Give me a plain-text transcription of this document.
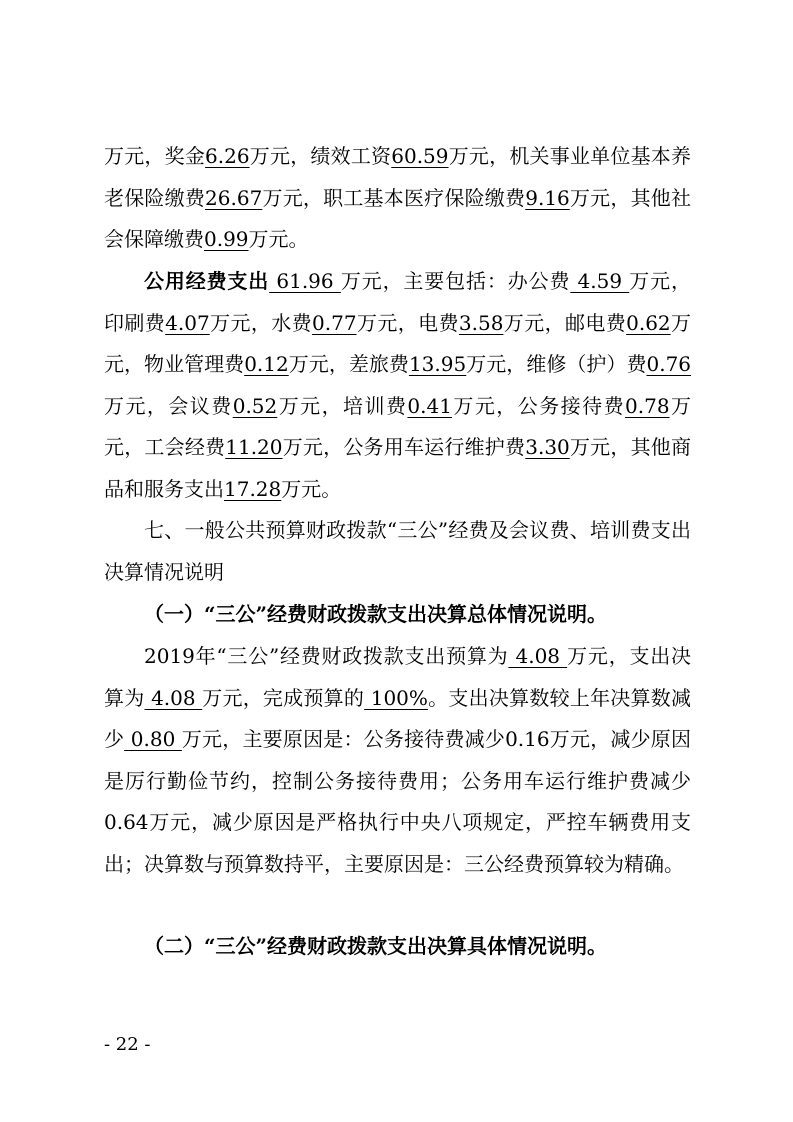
万元，奖金6.26万元，绩效工资60.59万元，机关事业单位基本养老保险缴费26.67万元，职工基本医疗保险缴费9.16万元，其他社会保障缴费0.99万元。

公用经费支出 61.96 万元，主要包括：办公费 4.59 万元，印刷费4.07万元，水费0.77万元，电费3.58万元，邮电费0.62万元，物业管理费0.12万元，差旅费13.95万元，维修（护）费0.76万元，会议费0.52万元，培训费0.41万元，公务接待费0.78万元，工会经费11.20万元，公务用车运行维护费3.30万元，其他商品和服务支出17.28万元。

七、一般公共预算财政拨款“三公”经费及会议费、培训费支出决算情况说明

（一）“三公”经费财政拨款支出决算总体情况说明。

2019年“三公”经费财政拨款支出预算为 4.08 万元，支出决算为 4.08 万元，完成预算的 100%。支出决算数较上年决算数减少 0.80 万元，主要原因是：公务接待费减少0.16万元，减少原因是厉行勤俭节约，控制公务接待费用；公务用车运行维护费减少0.64万元，减少原因是严格执行中央八项规定，严控车辆费用支出；决算数与预算数持平，主要原因是：三公经费预算较为精确。

（二）“三公”经费财政拨款支出决算具体情况说明。

- 22 -
